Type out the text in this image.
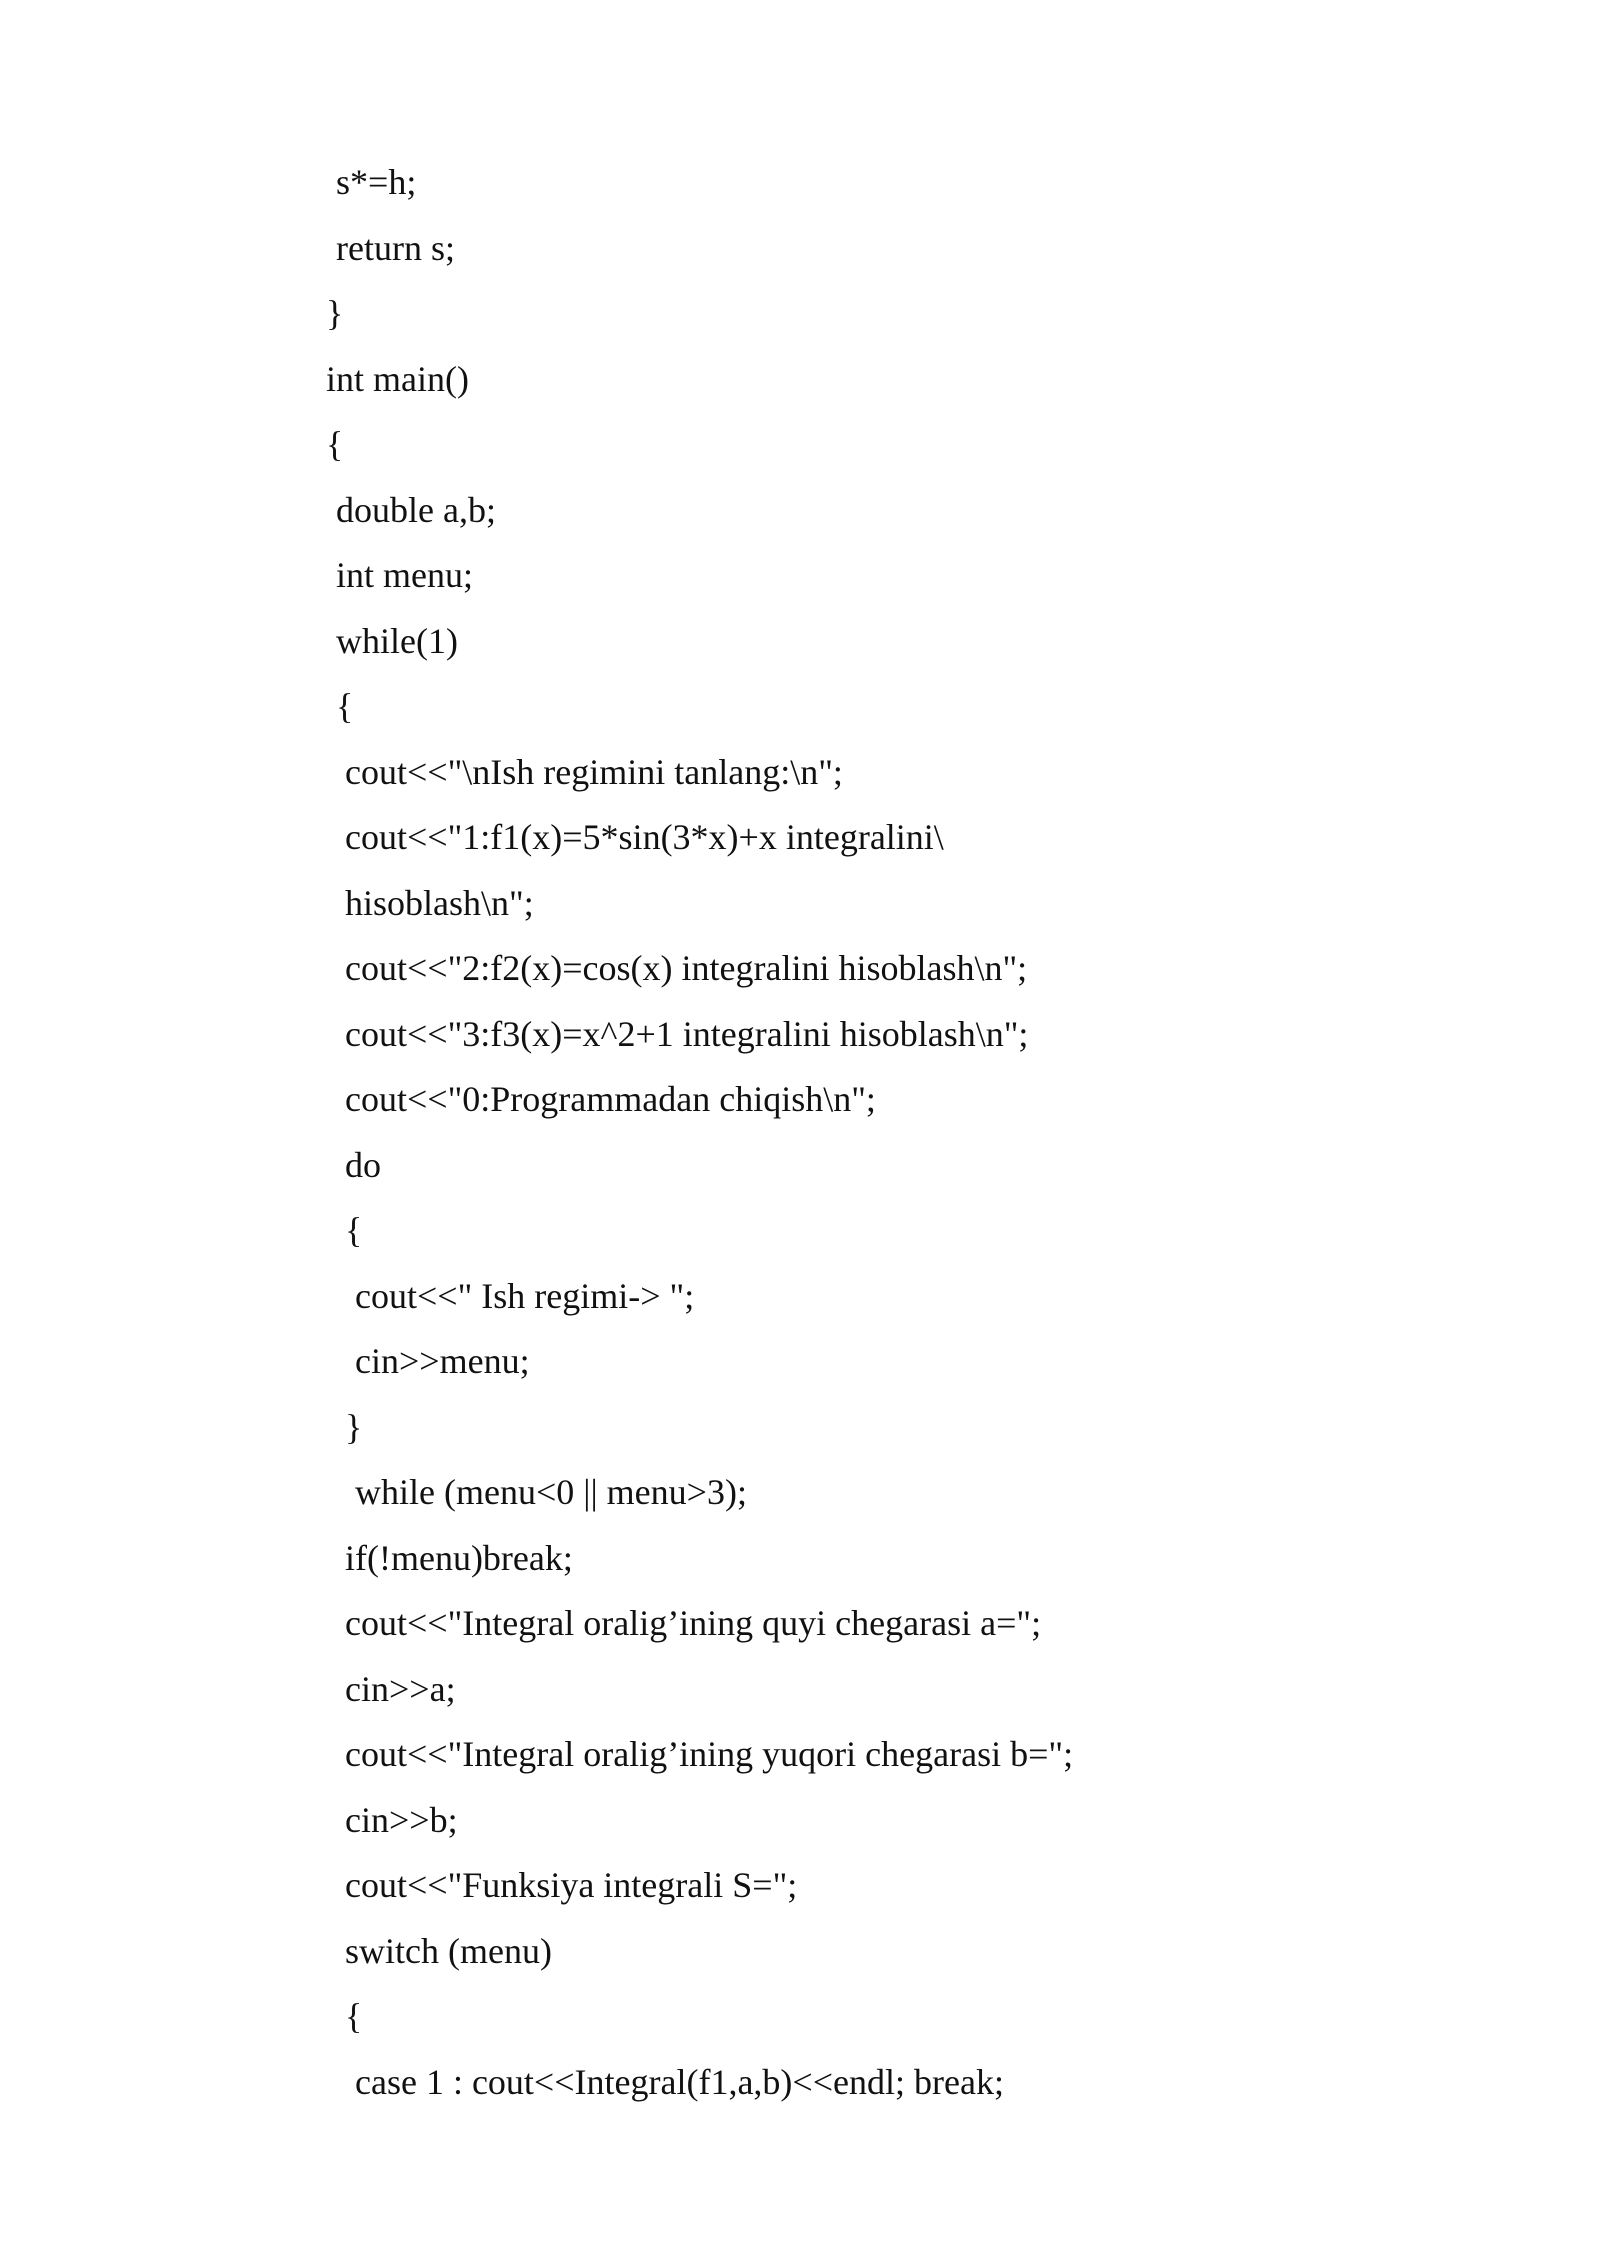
s*=h;
return s;
}
int main()
{
double a,b;
int menu;
while(1)
{
cout<<"\nIsh regimini tanlang:\n";
cout<<"1:f1(x)=5*sin(3*x)+x integralini\
hisoblash\n";
cout<<"2:f2(x)=cos(x) integralini hisoblash\n";
cout<<"3:f3(x)=x^2+1 integralini hisoblash\n";
cout<<"0:Programmadan chiqish\n";
do
{
cout<<" Ish regimi-> ";
cin>>menu;
}
while (menu<0 || menu>3);
if(!menu)break;
cout<<"Integral oralig’ining quyi chegarasi a=";
cin>>a;
cout<<"Integral oralig’ining yuqori chegarasi b=";
cin>>b;
cout<<"Funksiya integrali S=";
switch (menu)
{
case 1 : cout<<Integral(f1,a,b)<<endl; break;
